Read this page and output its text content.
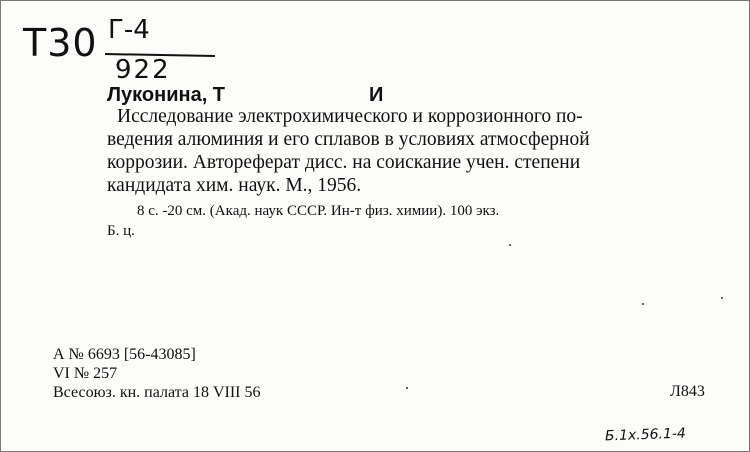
Т30 Г-4
922
Луконина, Т	И
Исследование электрохимического и коррозионного по-
ведения алюминия и его сплавов в условиях атмосферной
коррозии. Автореферат дисс. на соискание учен. степени
кандидата хим. наук. М., 1956.
8 с. -20 см. (Акад. наук СССР. Ин-т физ. химии). 100 экз.
Б. ц.
А № 6693 [56-43085]
VI № 257
Всесоюз. кн. палата 18 VIII 56	Л843
Б.1х.56.1-4
